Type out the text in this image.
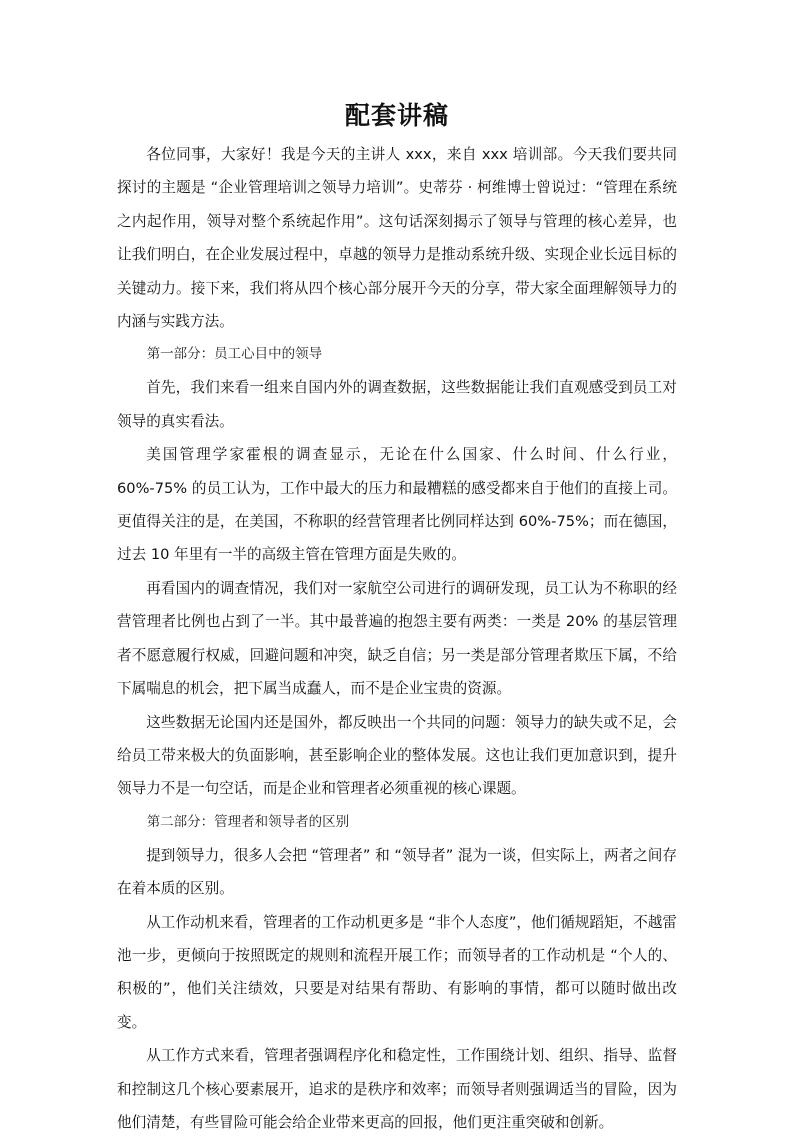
配套讲稿

各位同事，大家好！我是今天的主讲人 xxx，来自 xxx 培训部。今天我们要共同探讨的主题是 “企业管理培训之领导力培训”。史蒂芬 · 柯维博士曾说过：“管理在系统之内起作用，领导对整个系统起作用”。这句话深刻揭示了领导与管理的核心差异，也让我们明白，在企业发展过程中，卓越的领导力是推动系统升级、实现企业长远目标的关键动力。接下来，我们将从四个核心部分展开今天的分享，带大家全面理解领导力的内涵与实践方法。

第一部分：员工心目中的领导

首先，我们来看一组来自国内外的调查数据，这些数据能让我们直观感受到员工对领导的真实看法。

美国管理学家霍根的调查显示，无论在什么国家、什么时间、什么行业，60%-75% 的员工认为，工作中最大的压力和最糟糕的感受都来自于他们的直接上司。更值得关注的是，在美国，不称职的经营管理者比例同样达到 60%-75%；而在德国，过去 10 年里有一半的高级主管在管理方面是失败的。

再看国内的调查情况，我们对一家航空公司进行的调研发现，员工认为不称职的经营管理者比例也占到了一半。其中最普遍的抱怨主要有两类：一类是 20% 的基层管理者不愿意履行权威，回避问题和冲突，缺乏自信；另一类是部分管理者欺压下属，不给下属喘息的机会，把下属当成蠢人，而不是企业宝贵的资源。

这些数据无论国内还是国外，都反映出一个共同的问题：领导力的缺失或不足，会给员工带来极大的负面影响，甚至影响企业的整体发展。这也让我们更加意识到，提升领导力不是一句空话，而是企业和管理者必须重视的核心课题。

第二部分：管理者和领导者的区别

提到领导力，很多人会把 “管理者” 和 “领导者” 混为一谈，但实际上，两者之间存在着本质的区别。

从工作动机来看，管理者的工作动机更多是 “非个人态度”，他们循规蹈矩，不越雷池一步，更倾向于按照既定的规则和流程开展工作；而领导者的工作动机是 “个人的、积极的”，他们关注绩效，只要是对结果有帮助、有影响的事情，都可以随时做出改变。

从工作方式来看，管理者强调程序化和稳定性，工作围绕计划、组织、指导、监督和控制这几个核心要素展开，追求的是秩序和效率；而领导者则强调适当的冒险，因为他们清楚，有些冒险可能会给企业带来更高的回报，他们更注重突破和创新。
